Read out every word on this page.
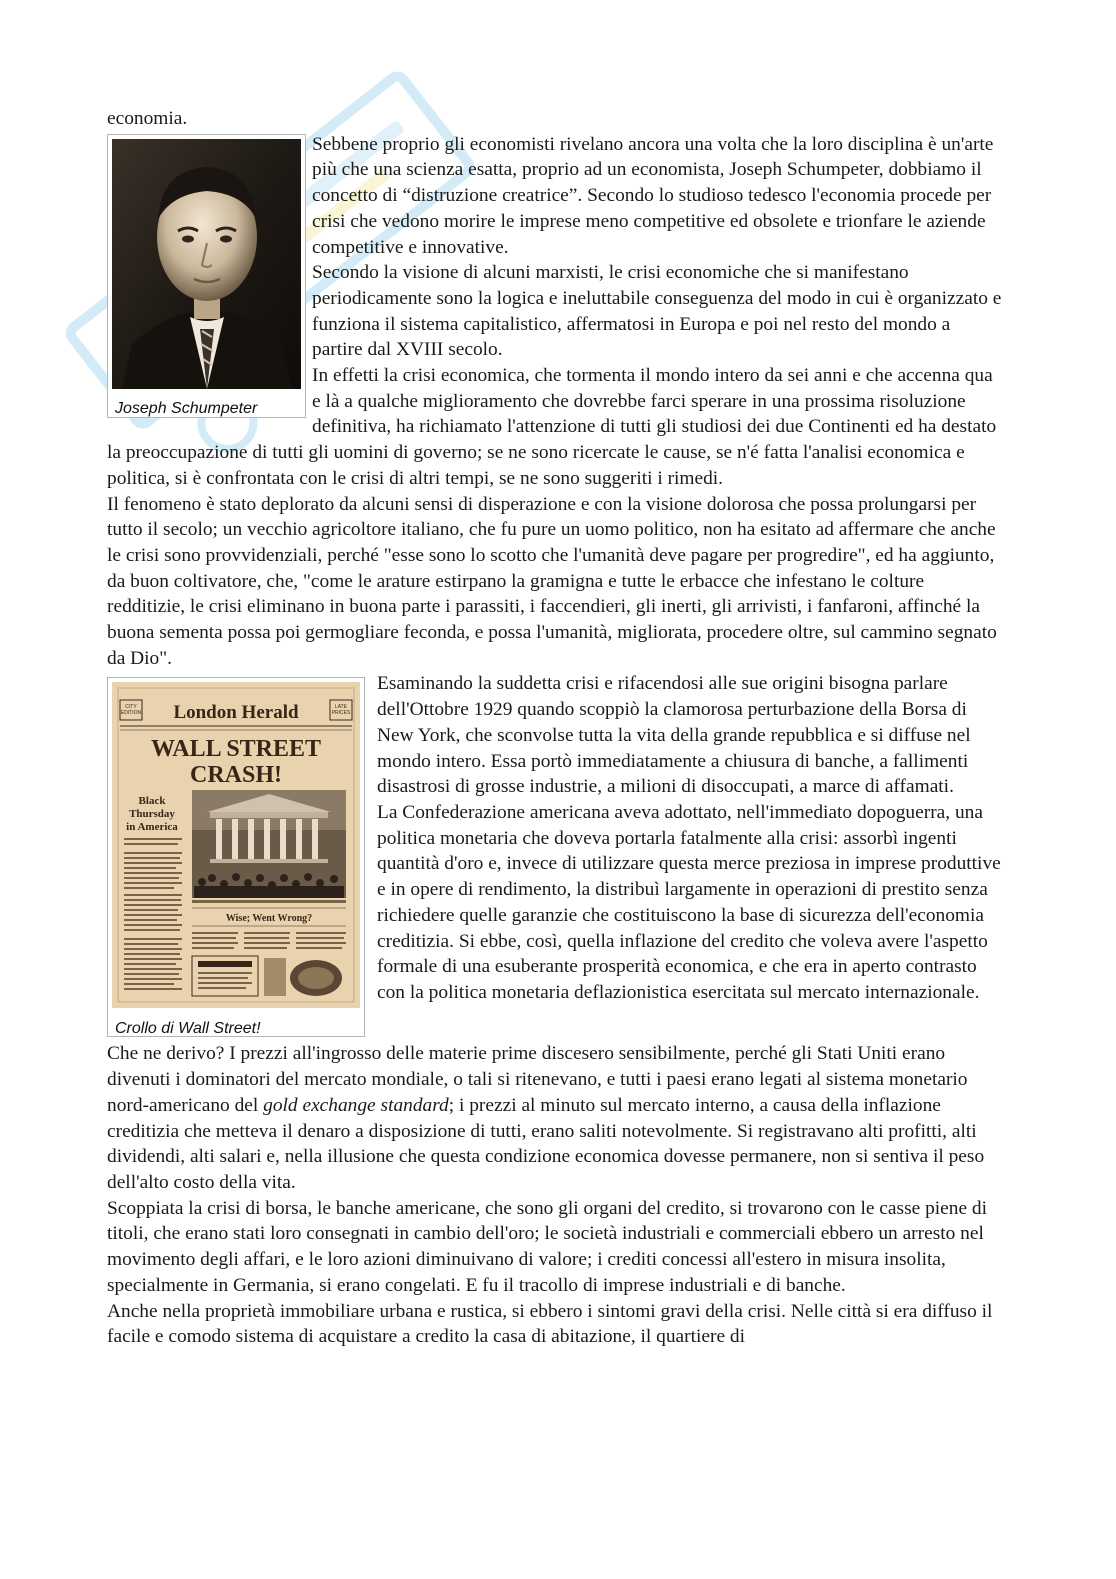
economia.

Joseph Schumpeter

Sebbene proprio gli economisti rivelano ancora una volta che la loro disciplina è un'arte più che una scienza esatta, proprio ad un economista, Joseph Schumpeter, dobbiamo il concetto di “distruzione creatrice”. Secondo lo studioso tedesco l'economia procede per crisi che vedono morire le imprese meno competitive ed obsolete e trionfare le aziende competitive e innovative.

Secondo la visione di alcuni marxisti, le crisi economiche che si manifestano periodicamente sono la logica e ineluttabile conseguenza del modo in cui è organizzato e funziona il sistema capitalistico, affermatosi in Europa e poi nel resto del mondo a partire dal XVIII secolo.

In effetti la crisi economica, che tormenta il mondo intero da sei anni e che accenna qua e là a qualche miglioramento che dovrebbe farci sperare in una prossima risoluzione definitiva, ha richiamato l'attenzione di tutti gli studiosi dei due Continenti ed ha destato la preoccupazione di tutti gli uomini di governo; se ne sono ricercate le cause, se n'é fatta l'analisi economica e politica, si è confrontata con le crisi di altri tempi, se ne sono suggeriti i rimedi.

Il fenomeno è stato deplorato da alcuni sensi di disperazione e con la visione dolorosa che possa prolungarsi per tutto il secolo; un vecchio agricoltore italiano, che fu pure un uomo politico, non ha esitato ad affermare che anche le crisi sono provvidenziali, perché "esse sono lo scotto che l'umanità deve pagare per progredire", ed ha aggiunto, da buon coltivatore, che, "come le arature estirpano la gramigna e tutte le erbacce che infestano le colture redditizie, le crisi eliminano in buona parte i parassiti, i faccendieri, gli inerti, gli arrivisti, i fanfaroni, affinché la buona sementa possa poi germogliare feconda, e possa l'umanità, migliorata, procedere oltre, sul cammino segnato da Dio".

CITY EDITION London Herald	LATE PRICES
WALL STREET
CRASH!
Black
Thursday
in America
Wise; Went Wrong?
Crollo di Wall Street!

Esaminando la suddetta crisi e rifacendosi alle sue origini bisogna parlare dell'Ottobre 1929 quando scoppiò la clamorosa perturbazione della Borsa di New York, che sconvolse tutta la vita della grande repubblica e si diffuse nel mondo intero. Essa portò immediatamente a chiusura di banche, a fallimenti disastrosi di grosse industrie, a milioni di disoccupati, a marce di affamati.

La Confederazione americana aveva adottato, nell'immediato dopoguerra, una politica monetaria che doveva portarla fatalmente alla crisi: assorbì ingenti quantità d'oro e, invece di utilizzare questa merce preziosa in imprese produttive e in opere di rendimento, la distribuì largamente in operazioni di prestito senza richiedere quelle garanzie che costituiscono la base di sicurezza dell'economia creditizia. Si ebbe, così, quella inflazione del credito che voleva avere l'aspetto formale di una esuberante prosperità economica, e che era in aperto contrasto con la politica monetaria deflazionistica esercitata sul mercato internazionale.

Che ne derivo? I prezzi all'ingrosso delle materie prime discesero sensibilmente, perché gli Stati Uniti erano divenuti i dominatori del mercato mondiale, o tali si ritenevano, e tutti i paesi erano legati al sistema monetario nord-americano del gold exchange standard; i prezzi al minuto sul mercato interno, a causa della inflazione creditizia che metteva il denaro a disposizione di tutti, erano saliti notevolmente. Si registravano alti profitti, alti dividendi, alti salari e, nella illusione che questa condizione economica dovesse permanere, non si sentiva il peso dell'alto costo della vita.

Scoppiata la crisi di borsa, le banche americane, che sono gli organi del credito, si trovarono con le casse piene di titoli, che erano stati loro consegnati in cambio dell'oro; le società industriali e commerciali ebbero un arresto nel movimento degli affari, e le loro azioni diminuivano di valore; i crediti concessi all'estero in misura insolita, specialmente in Germania, si erano congelati. E fu il tracollo di imprese industriali e di banche.

Anche nella proprietà immobiliare urbana e rustica, si ebbero i sintomi gravi della crisi. Nelle città si era diffuso il facile e comodo sistema di acquistare a credito la casa di abitazione, il quartiere di
